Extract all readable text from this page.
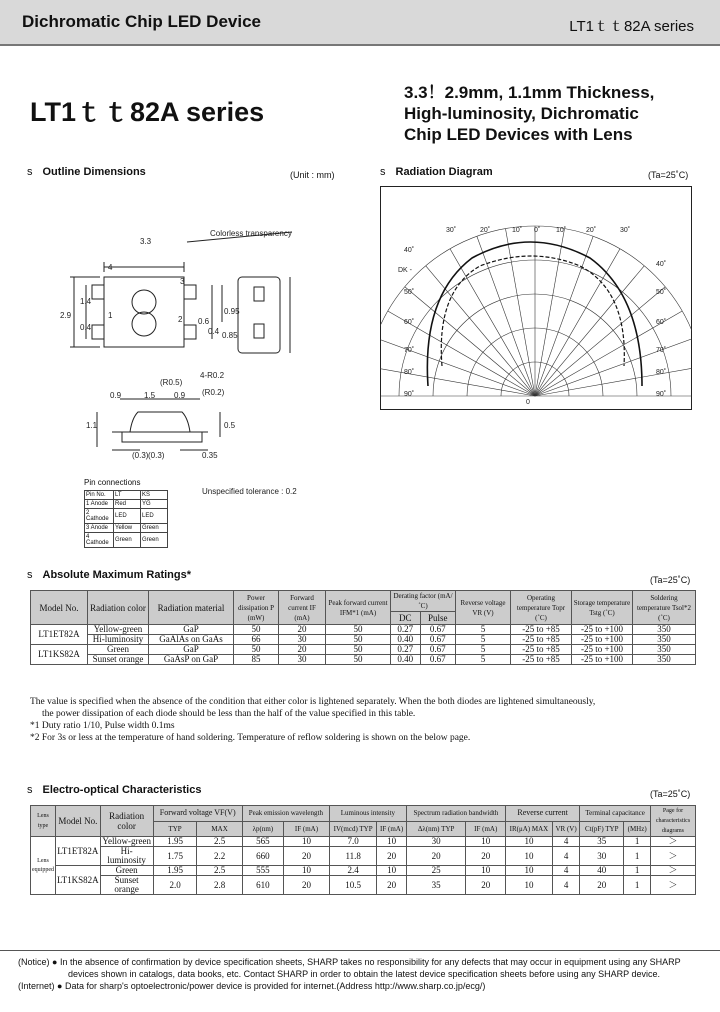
Dichromatic Chip LED Device	LT1ｔｔ82A series
LT1ｔｔ82A series
3.3！2.9mm, 1.1mm Thickness,
High-luminosity, Dichromatic
Chip LED Devices with Lens
s Outline Dimensions	(Unit : mm)
3.3
Colorless transparency
4
3
1	2
2.9
1.4
0.4
0.6
0.4 0.85
0.95
4-R0.2
0.9	1.5 0.9
(R0.5)
(R0.2)
(0.3) (0.3)
1.1	0.5
0.35
Unspecified tolerance : 0.2
Pin connections
Pin No.	LT	KS
1 Anode	Red	YG
2 Cathode	LED	LED
3 Anode	Yellow	Green
4 Cathode	Green	Green
s Radiation Diagram	(Ta=25˚C)
30˚	20˚	10˚ 0˚ 10˚	20˚	30˚
40˚
DK -
50˚
60˚
70˚
80˚
90˚
40˚
50˚
60˚
70˚
80˚
90˚
0
s Absolute Maximum Ratings*	(Ta=25˚C)
Model No.	Radiation color	Radiation material	Power dissipation P (mW)	Forward current IF (mA)	Peak forward current IFM*1 (mA)	Derating factor (mA/˚C)		Reverse voltage VR (V)	Operating temperature Topr (˚C)	Storage temperature Tstg (˚C)	Soldering temperature Tsol*2 (˚C)
						DC	Pulse				
LT1ET82A	Yellow-green	GaP	50	20	50	0.27	0.67	5	-25 to +85	-25 to +100	350
	Hi-luminosity	GaAlAs on GaAs	66	30	50	0.40	0.67	5	-25 to +85	-25 to +100	350
LT1KS82A	Green	GaP	50	20	50	0.27	0.67	5	-25 to +85	-25 to +100	350
	Sunset orange	GaAsP on GaP	85	30	50	0.40	0.67	5	-25 to +85	-25 to +100	350
The value is specified when the absence of the condition that either color is lightened separately. When the both diodes are lightened simultaneously,
the power dissipation of each diode should be less than the half of the value specified in this table.
*1 Duty ratio 1/10, Pulse width 0.1ms
*2 For 3s or less at the temperature of hand soldering. Temperature of reflow soldering is shown on the below page.
s Electro-optical Characteristics	(Ta=25˚C)
Lens type	Model No.	Radiation color	Forward voltage VF(V)		Peak emission wavelength		Luminous intensity		Spectrum radiation bandwidth		Reverse current		Terminal capacitance		Page for characteristics diagrams
			TYP	MAX	λp(nm)	IF (mA)	IV(mcd) TYP	IF (mA)	Δλ(nm) TYP	IF (mA)	IR(μA) MAX	VR (V)	Ct(pF) TYP	(MHz)	
Lens equipped	LT1ET82A	Yellow-green	1.95	2.5	565	10	7.0	10	30	10	10	4	35	1	＞
		Hi-luminosity	1.75	2.2	660	20	11.8	20	20	20	10	4	30	1	＞
	LT1KS82A	Green	1.95	2.5	555	10	2.4	10	25	10	10	4	40	1	＞
		Sunset orange	2.0	2.8	610	20	10.5	20	35	20	10	4	20	1	＞
(Notice) ● In the absence of confirmation by device specification sheets, SHARP takes no responsibility for any defects that may occur in equipment using any SHARP
devices shown in catalogs, data books, etc. Contact SHARP in order to obtain the latest device specification sheets before using any SHARP device.
(Internet) ● Data for sharp's optoelectronic/power device is provided for internet.(Address http://www.sharp.co.jp/ecg/)
